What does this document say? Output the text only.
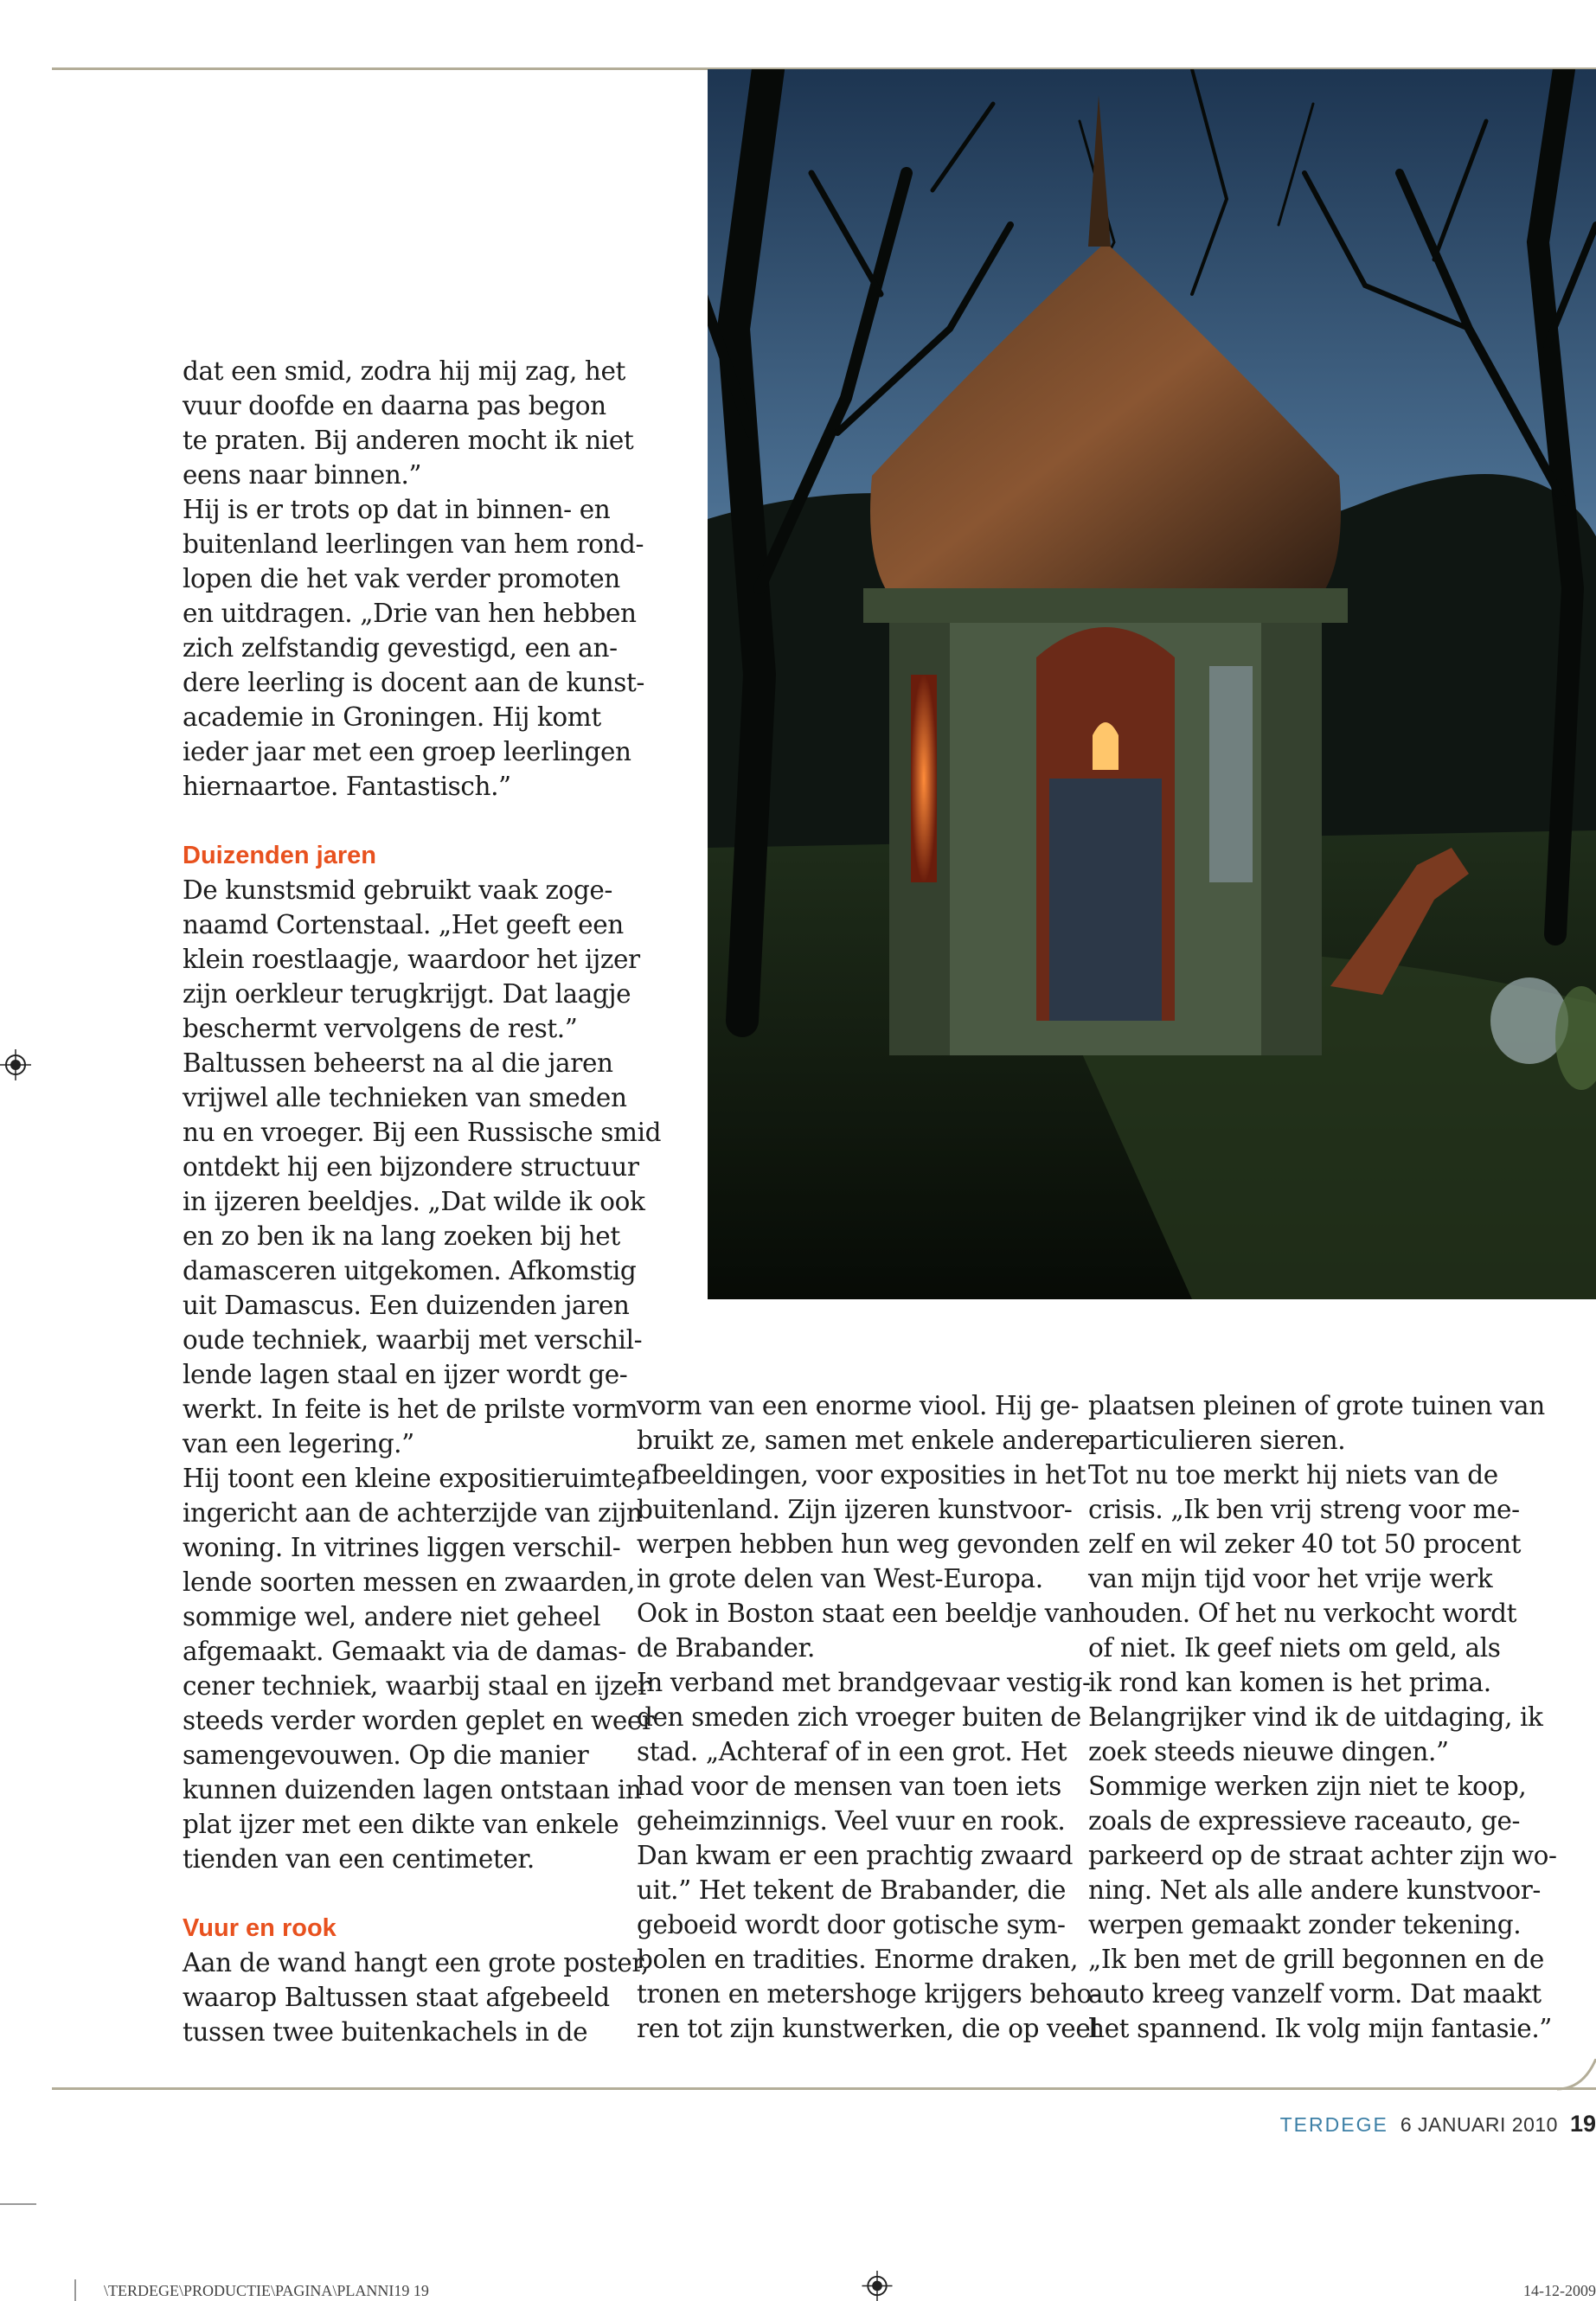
dat een smid, zodra hij mij zag, het
vuur doofde en daarna pas begon
te praten. Bij anderen mocht ik niet
eens naar binnen.”
Hij is er trots op dat in binnen- en
buitenland leerlingen van hem rond-
lopen die het vak verder promoten
en uitdragen. „Drie van hen hebben
zich zelfstandig gevestigd, een an-
dere leerling is docent aan de kunst-
academie in Groningen. Hij komt
ieder jaar met een groep leerlingen
hiernaartoe. Fantastisch.”
Duizenden jaren
De kunstsmid gebruikt vaak zoge-
naamd Cortenstaal. „Het geeft een
klein roestlaagje, waardoor het ijzer
zijn oerkleur terugkrijgt. Dat laagje
beschermt vervolgens de rest.”
Baltussen beheerst na al die jaren
vrijwel alle technieken van smeden
nu en vroeger. Bij een Russische smid
ontdekt hij een bijzondere structuur
in ijzeren beeldjes. „Dat wilde ik ook
en zo ben ik na lang zoeken bij het
damasceren uitgekomen. Afkomstig
uit Damascus. Een duizenden jaren
oude techniek, waarbij met verschil-
lende lagen staal en ijzer wordt ge-
werkt. In feite is het de prilste vorm
van een legering.”
Hij toont een kleine expositieruimte,
ingericht aan de achterzijde van zijn
woning. In vitrines liggen verschil-
lende soorten messen en zwaarden,
sommige wel, andere niet geheel
afgemaakt. Gemaakt via de damas-
cener techniek, waarbij staal en ijzer
steeds verder worden geplet en weer
samengevouwen. Op die manier
kunnen duizenden lagen ontstaan in
plat ijzer met een dikte van enkele
tienden van een centimeter.
Vuur en rook
Aan de wand hangt een grote poster,
waarop Baltussen staat afgebeeld
tussen twee buitenkachels in de
vorm van een enorme viool. Hij ge-
bruikt ze, samen met enkele andere
afbeeldingen, voor exposities in het
buitenland. Zijn ijzeren kunstvoor-
werpen hebben hun weg gevonden
in grote delen van West-Europa.
Ook in Boston staat een beeldje van
de Brabander.
In verband met brandgevaar vestig-
den smeden zich vroeger buiten de
stad. „Achteraf of in een grot. Het
had voor de mensen van toen iets
geheimzinnigs. Veel vuur en rook.
Dan kwam er een prachtig zwaard
uit.” Het tekent de Brabander, die
geboeid wordt door gotische sym-
bolen en tradities. Enorme draken,
tronen en metershoge krijgers beho-
ren tot zijn kunstwerken, die op veel
plaatsen pleinen of grote tuinen van
particulieren sieren.
Tot nu toe merkt hij niets van de
crisis. „Ik ben vrij streng voor me-
zelf en wil zeker 40 tot 50 procent
van mijn tijd voor het vrije werk
houden. Of het nu verkocht wordt
of niet. Ik geef niets om geld, als
ik rond kan komen is het prima.
Belangrijker vind ik de uitdaging, ik
zoek steeds nieuwe dingen.”
Sommige werken zijn niet te koop,
zoals de expressieve raceauto, ge-
parkeerd op de straat achter zijn wo-
ning. Net als alle andere kunstvoor-
werpen gemaakt zonder tekening.
„Ik ben met de grill begonnen en de
auto kreeg vanzelf vorm. Dat maakt
het spannend. Ik volg mijn fantasie.”
TERDEGE 6 JANUARI 2010 19
\TERDEGE\PRODUCTIE\PAGINA\PLANNI19 19	14-12-2009
